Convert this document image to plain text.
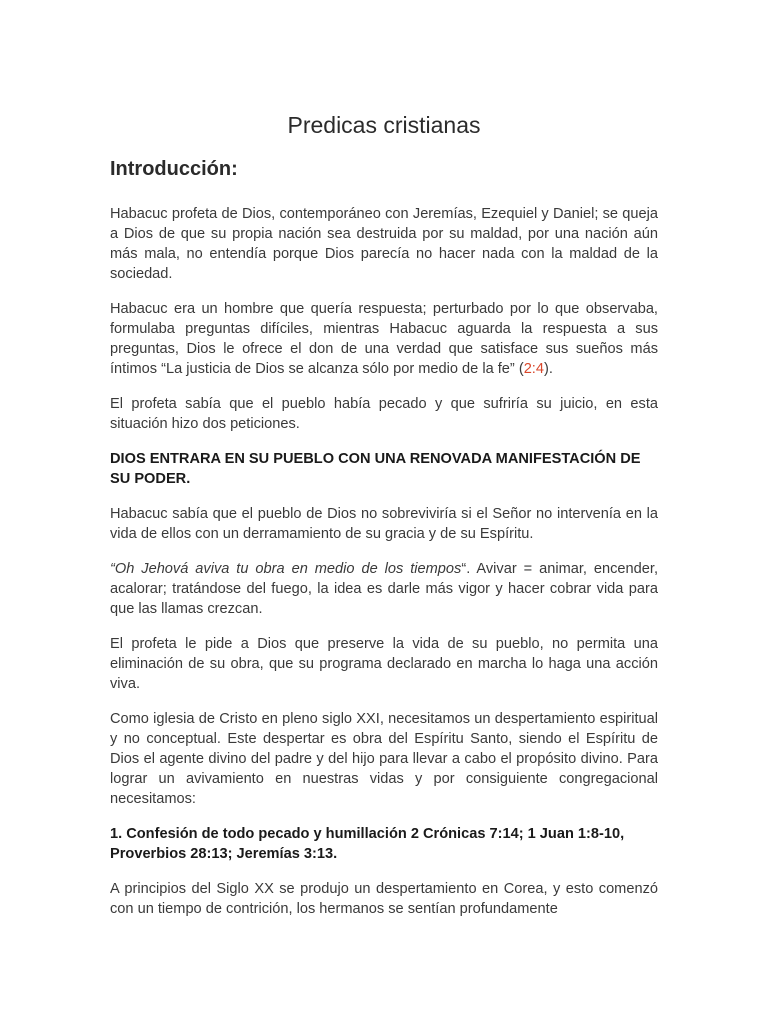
Predicas cristianas
Introducción:

Habacuc profeta de Dios, contemporáneo con Jeremías, Ezequiel y Daniel; se queja a Dios de que su propia nación sea destruida por su maldad, por una nación aún más mala, no entendía porque Dios parecía no hacer nada con la maldad de la sociedad.

Habacuc era un hombre que quería respuesta; perturbado por lo que observaba, formulaba preguntas difíciles, mientras Habacuc aguarda la respuesta a sus preguntas, Dios le ofrece el don de una verdad que satisface sus sueños más íntimos “La justicia de Dios se alcanza sólo por medio de la fe” (2:4).

El profeta sabía que el pueblo había pecado y que sufriría su juicio, en esta situación hizo dos peticiones.

DIOS ENTRARA EN SU PUEBLO CON UNA RENOVADA MANIFESTACIÓN DE SU PODER.

Habacuc sabía que el pueblo de Dios no sobreviviría si el Señor no intervenía en la vida de ellos con un derramamiento de su gracia y de su Espíritu.

“Oh Jehová aviva tu obra en medio de los tiempos“. Avivar = animar, encender, acalorar; tratándose del fuego, la idea es darle más vigor y hacer cobrar vida para que las llamas crezcan.

El profeta le pide a Dios que preserve la vida de su pueblo, no permita una eliminación de su obra, que su programa declarado en marcha lo haga una acción viva.

Como iglesia de Cristo en pleno siglo XXI, necesitamos un despertamiento espiritual y no conceptual. Este despertar es obra del Espíritu Santo, siendo el Espíritu de Dios el agente divino del padre y del hijo para llevar a cabo el propósito divino. Para lograr un avivamiento en nuestras vidas y por consiguiente congregacional necesitamos:

1. Confesión de todo pecado y humillación 2 Crónicas 7:14; 1 Juan 1:8-10, Proverbios 28:13; Jeremías 3:13.

A principios del Siglo XX se produjo un despertamiento en Corea, y esto comenzó con un tiempo de contrición, los hermanos se sentían profundamente
